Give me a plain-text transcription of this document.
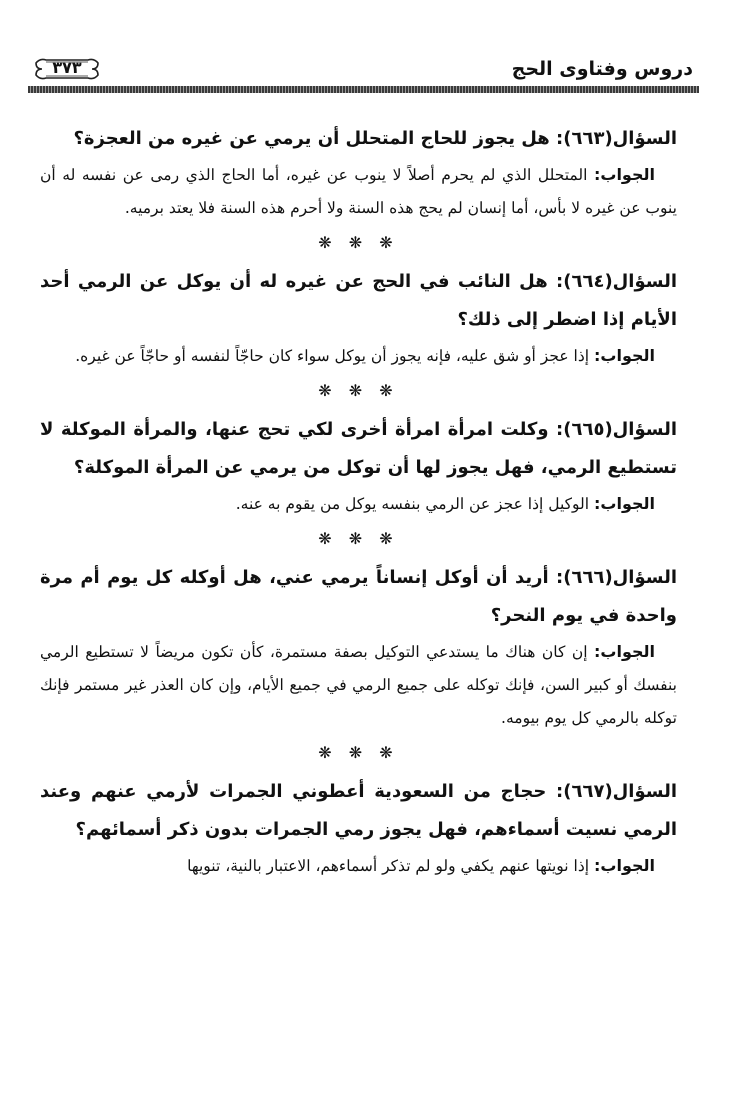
دروس وفتاوى الحج
٣٧٣

السؤال(٦٦٣): هل يجوز للحاج المتحلل أن يرمي عن غيره من العجزة؟

الجواب: المتحلل الذي لم يحرم أصلاً لا ينوب عن غيره، أما الحاج الذي رمى عن نفسه له أن ينوب عن غيره لا بأس، أما إنسان لم يحج هذه السنة ولا أحرم هذه السنة فلا يعتد برميه.

❋ ❋ ❋

السؤال(٦٦٤): هل النائب في الحج عن غيره له أن يوكل عن الرمي أحد الأيام إذا اضطر إلى ذلك؟

الجواب: إذا عجز أو شق عليه، فإنه يجوز أن يوكل سواء كان حاجّاً لنفسه أو حاجّاً عن غيره.

❋ ❋ ❋

السؤال(٦٦٥): وكلت امرأة امرأة أخرى لكي تحج عنها، والمرأة الموكلة لا تستطيع الرمي، فهل يجوز لها أن توكل من يرمي عن المرأة الموكلة؟

الجواب: الوكيل إذا عجز عن الرمي بنفسه يوكل من يقوم به عنه.

❋ ❋ ❋

السؤال(٦٦٦): أريد أن أوكل إنساناً يرمي عني، هل أوكله كل يوم أم مرة واحدة في يوم النحر؟

الجواب: إن كان هناك ما يستدعي التوكيل بصفة مستمرة، كأن تكون مريضاً لا تستطيع الرمي بنفسك أو كبير السن، فإنك توكله على جميع الرمي في جميع الأيام، وإن كان العذر غير مستمر فإنك توكله بالرمي كل يوم بيومه.

❋ ❋ ❋

السؤال(٦٦٧): حجاج من السعودية أعطوني الجمرات لأرمي عنهم وعند الرمي نسيت أسماءهم، فهل يجوز رمي الجمرات بدون ذكر أسمائهم؟

الجواب: إذا نويتها عنهم يكفي ولو لم تذكر أسماءهم، الاعتبار بالنية، تنويها
